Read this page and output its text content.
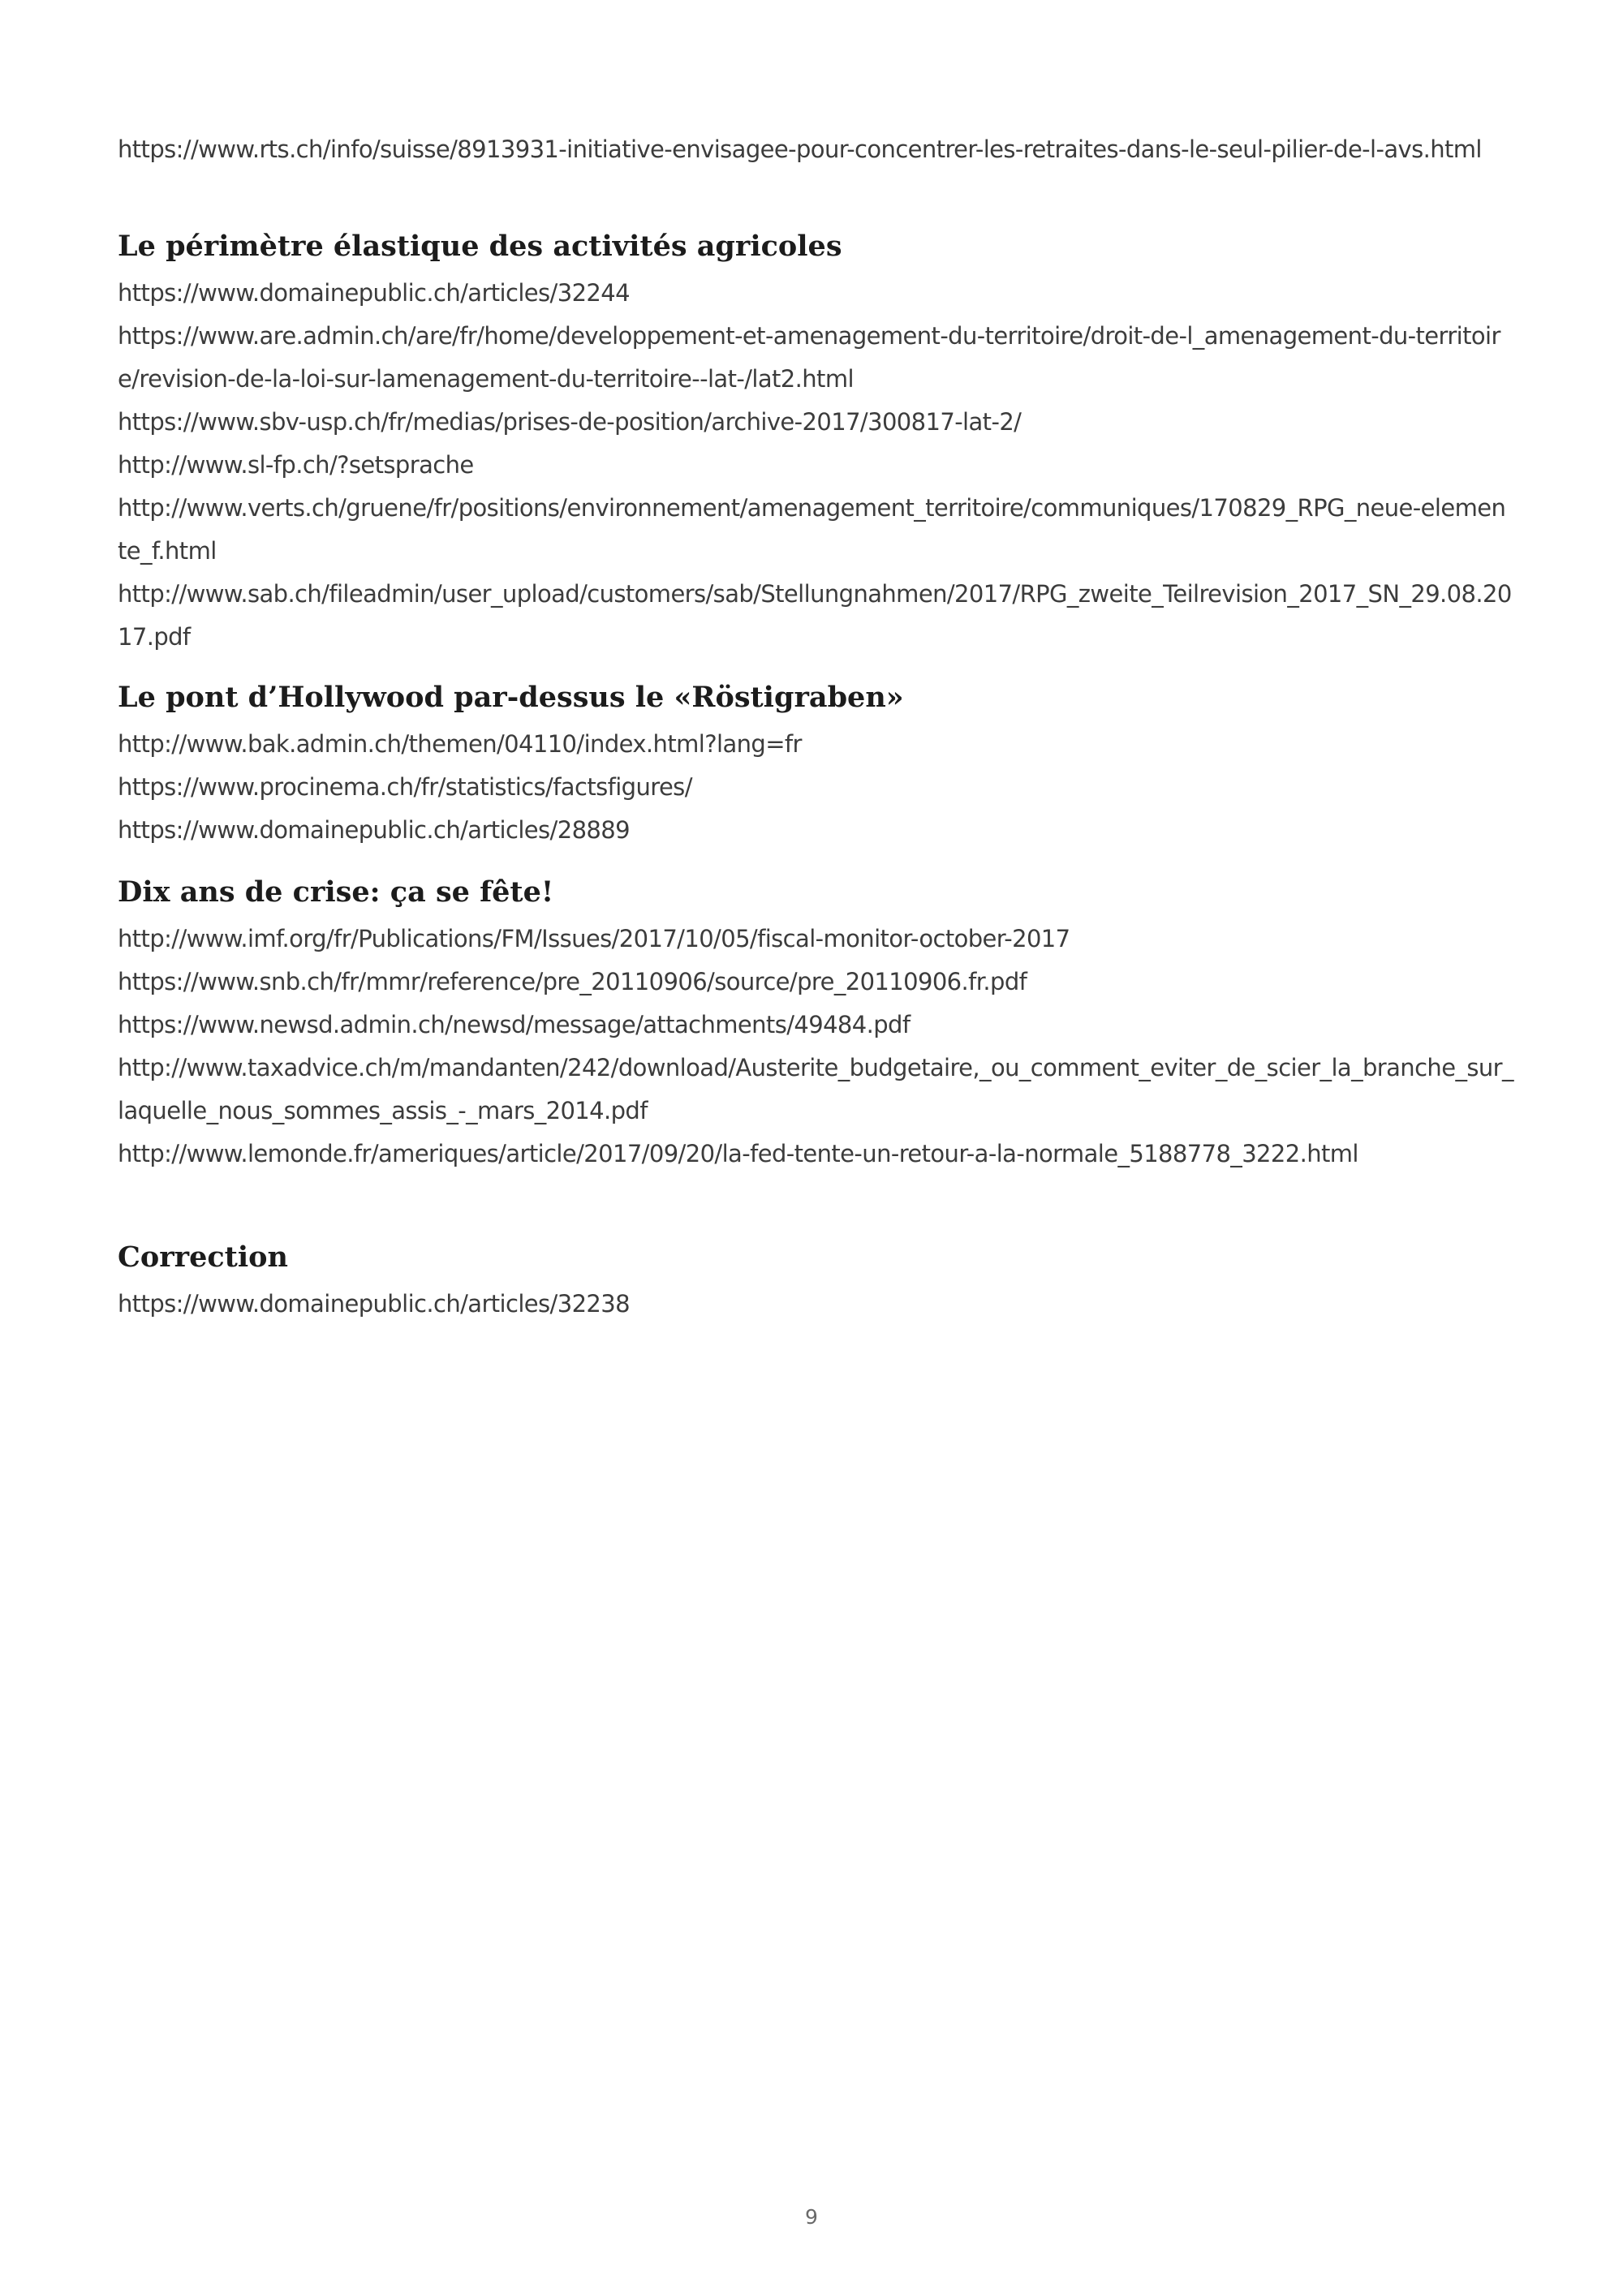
https://www.rts.ch/info/suisse/8913931-initiative-envisagee-pour-concentrer-les-retraites-dans-le-seul-pilier-de-l-avs.html

Le périmètre élastique des activités agricoles

https://www.domainepublic.ch/articles/32244

https://www.are.admin.ch/are/fr/home/developpement-et-amenagement-du-territoire/droit-de-l_amenagement-du-territoire/revision-de-la-loi-sur-lamenagement-du-territoire--lat-/lat2.html

https://www.sbv-usp.ch/fr/medias/prises-de-position/archive-2017/300817-lat-2/

http://www.sl-fp.ch/?setsprache

http://www.verts.ch/gruene/fr/positions/environnement/amenagement_territoire/communiques/170829_RPG_neue-elemente_f.html

http://www.sab.ch/fileadmin/user_upload/customers/sab/Stellungnahmen/2017/RPG_zweite_Teilrevision_2017_SN_29.08.2017.pdf

Le pont d’Hollywood par-dessus le «Röstigraben»

http://www.bak.admin.ch/themen/04110/index.html?lang=fr

https://www.procinema.ch/fr/statistics/factsfigures/

https://www.domainepublic.ch/articles/28889

Dix ans de crise: ça se fête!

http://www.imf.org/fr/Publications/FM/Issues/2017/10/05/fiscal-monitor-october-2017

https://www.snb.ch/fr/mmr/reference/pre_20110906/source/pre_20110906.fr.pdf

https://www.newsd.admin.ch/newsd/message/attachments/49484.pdf

http://www.taxadvice.ch/m/mandanten/242/download/Austerite_budgetaire,_ou_comment_eviter_de_scier_la_branche_sur_laquelle_nous_sommes_assis_-_mars_2014.pdf

http://www.lemonde.fr/ameriques/article/2017/09/20/la-fed-tente-un-retour-a-la-normale_5188778_3222.html

Correction

https://www.domainepublic.ch/articles/32238

9
